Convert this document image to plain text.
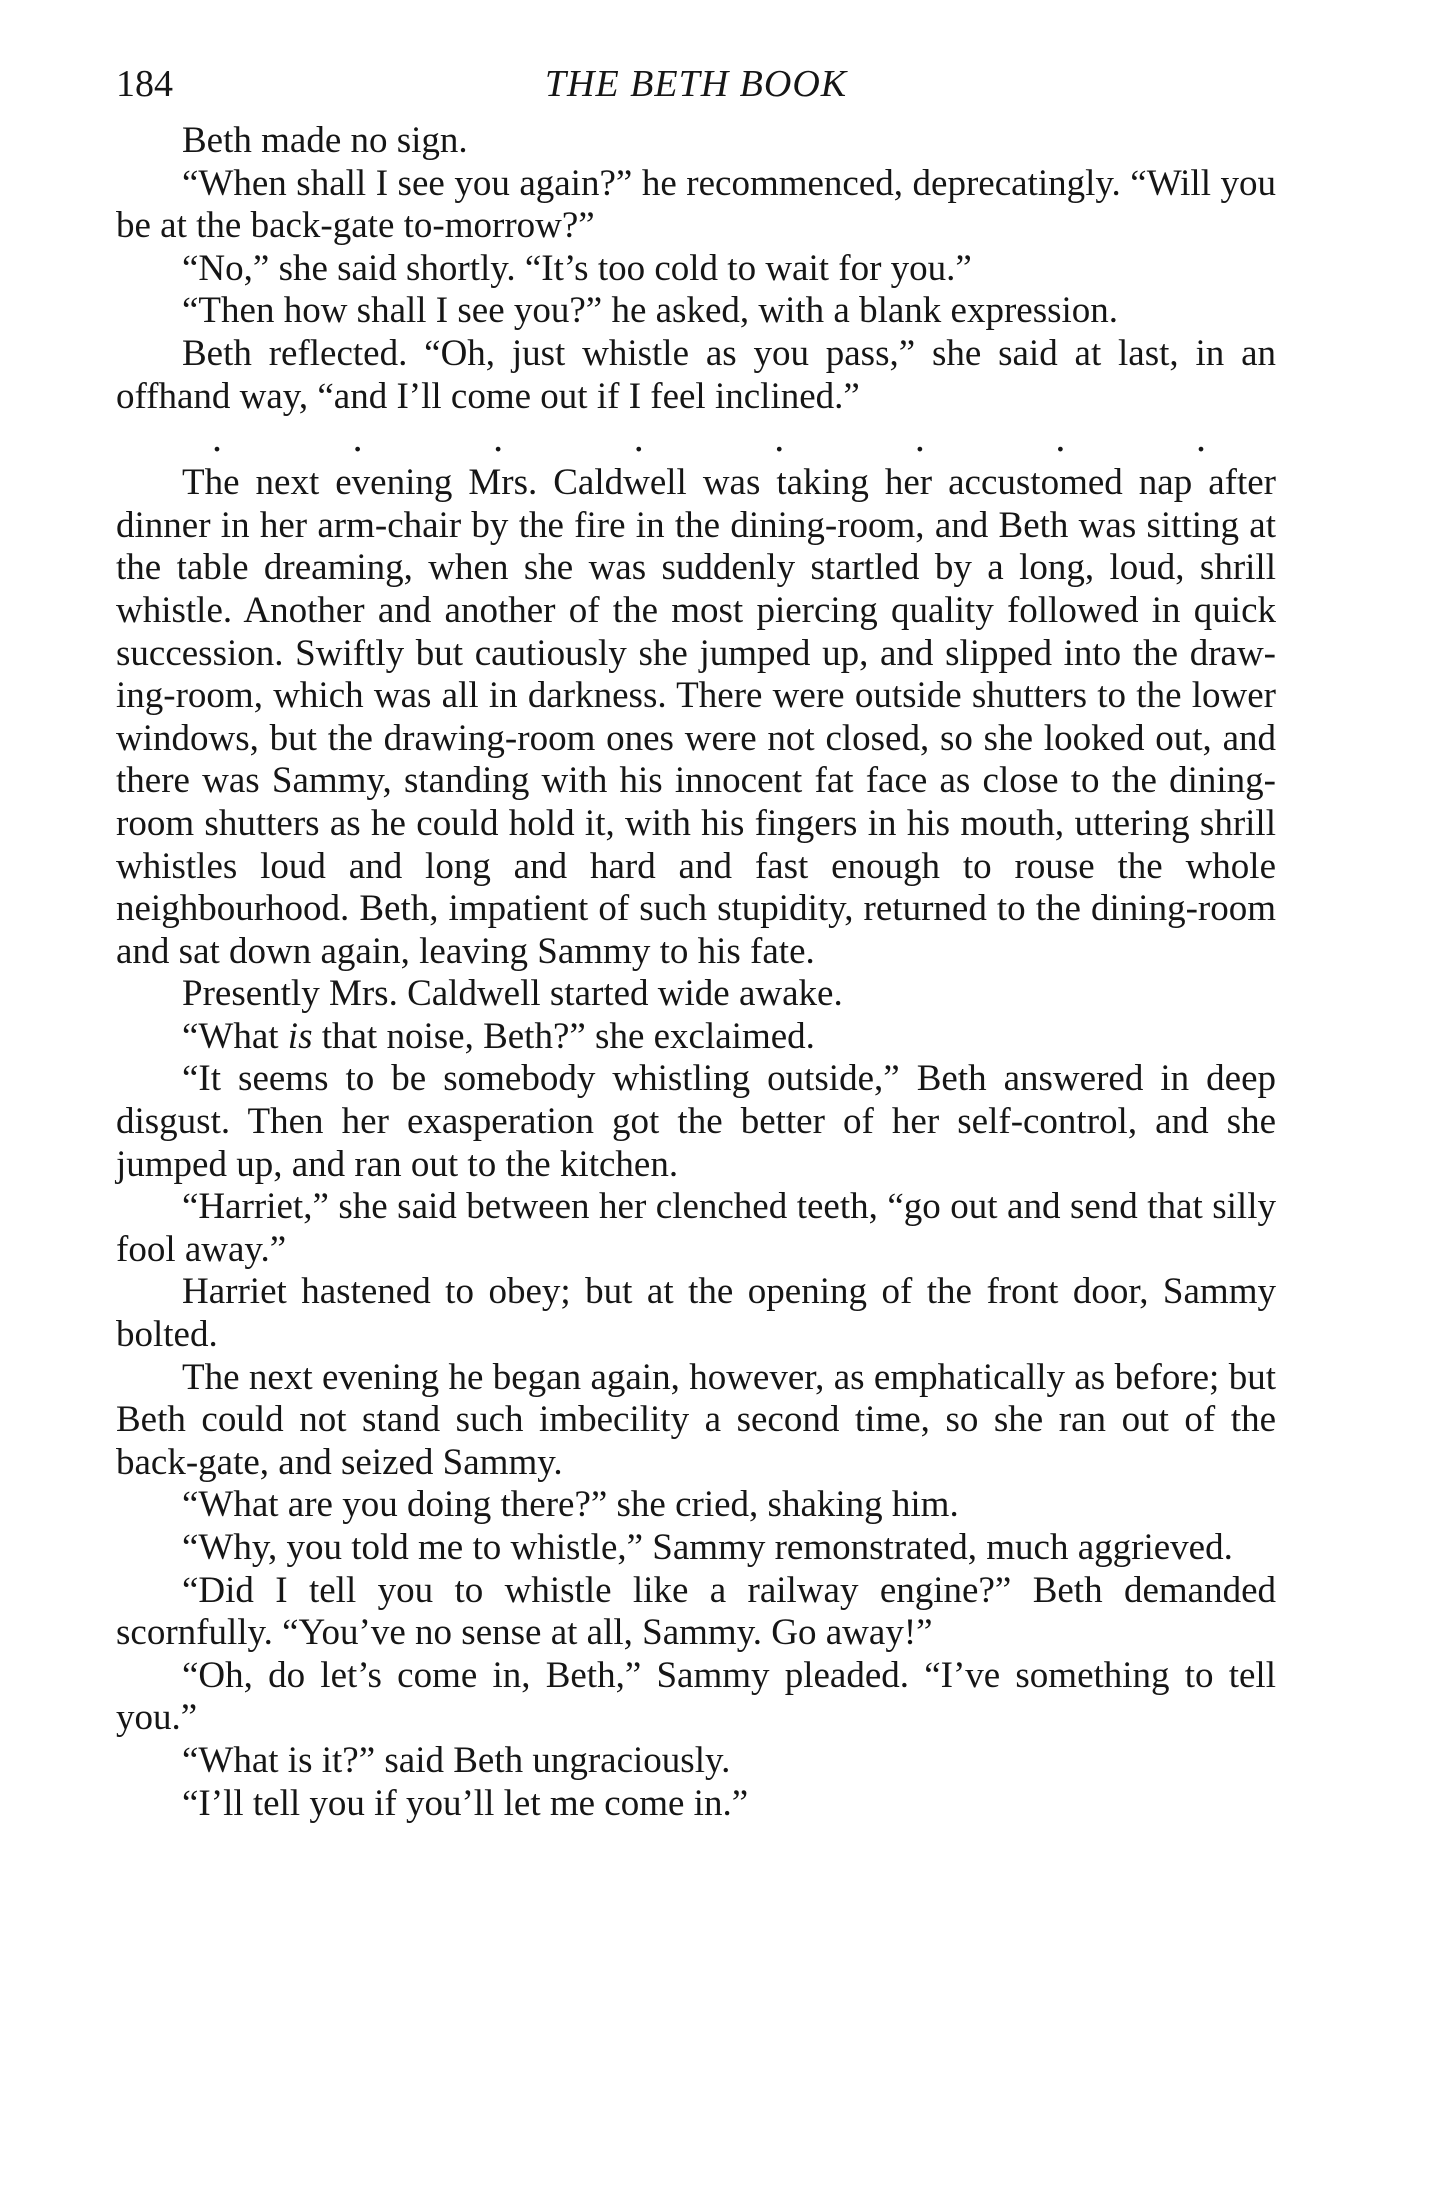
184	THE BETH BOOK

Beth made no sign.

“When shall I see you again?” he recommenced, deprecatingly. “Will you be at the back-gate to-morrow?”

“No,” she said shortly. “It’s too cold to wait for you.”

“Then how shall I see you?” he asked, with a blank expression.

Beth reflected. “Oh, just whistle as you pass,” she said at last, in an offhand way, “and I’ll come out if I feel inclined.”

.	.	.	.	.	.	.	.

The next evening Mrs. Caldwell was taking her accustomed nap after dinner in her arm-chair by the fire in the dining-room, and Beth was sitting at the table dreaming, when she was suddenly startled by a long, loud, shrill whistle. Another and another of the most piercing quality followed in quick succession. Swiftly but cautiously she jumped up, and slipped into the drawing-room, which was all in darkness. There were outside shutters to the lower windows, but the drawing-room ones were not closed, so she looked out, and there was Sammy, standing with his innocent fat face as close to the dining-room shutters as he could hold it, with his fingers in his mouth, uttering shrill whistles loud and long and hard and fast enough to rouse the whole neighbourhood. Beth, impatient of such stupidity, returned to the dining-room and sat down again, leaving Sammy to his fate.

Presently Mrs. Caldwell started wide awake.

“What is that noise, Beth?” she exclaimed.

“It seems to be somebody whistling outside,” Beth answered in deep disgust. Then her exasperation got the better of her self-control, and she jumped up, and ran out to the kitchen.

“Harriet,” she said between her clenched teeth, “go out and send that silly fool away.”

Harriet hastened to obey; but at the opening of the front door, Sammy bolted.

The next evening he began again, however, as emphatically as before; but Beth could not stand such imbecility a second time, so she ran out of the back-gate, and seized Sammy.

“What are you doing there?” she cried, shaking him.

“Why, you told me to whistle,” Sammy remonstrated, much aggrieved.

“Did I tell you to whistle like a railway engine?” Beth demanded scornfully. “You’ve no sense at all, Sammy. Go away!”

“Oh, do let’s come in, Beth,” Sammy pleaded. “I’ve something to tell you.”

“What is it?” said Beth ungraciously.

“I’ll tell you if you’ll let me come in.”
